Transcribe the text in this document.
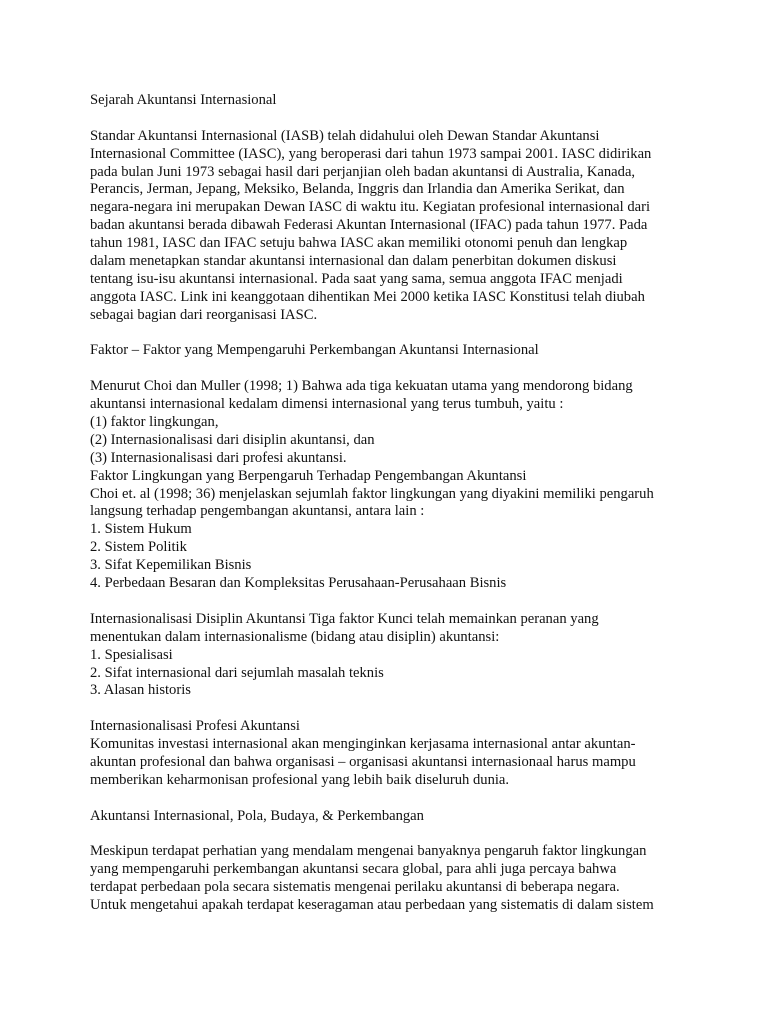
Sejarah Akuntansi Internasional
Standar Akuntansi Internasional (IASB) telah didahului oleh Dewan Standar Akuntansi
Internasional Committee (IASC), yang beroperasi dari tahun 1973 sampai 2001. IASC didirikan
pada bulan Juni 1973 sebagai hasil dari perjanjian oleh badan akuntansi di Australia, Kanada,
Perancis, Jerman, Jepang, Meksiko, Belanda, Inggris dan Irlandia dan Amerika Serikat, dan
negara-negara ini merupakan Dewan IASC di waktu itu. Kegiatan profesional internasional dari
badan akuntansi berada dibawah Federasi Akuntan Internasional (IFAC) pada tahun 1977. Pada
tahun 1981, IASC dan IFAC setuju bahwa IASC akan memiliki otonomi penuh dan lengkap
dalam menetapkan standar akuntansi internasional dan dalam penerbitan dokumen diskusi
tentang isu-isu akuntansi internasional. Pada saat yang sama, semua anggota IFAC menjadi
anggota IASC. Link ini keanggotaan dihentikan Mei 2000 ketika IASC Konstitusi telah diubah
sebagai bagian dari reorganisasi IASC.
Faktor – Faktor yang Mempengaruhi Perkembangan Akuntansi Internasional
Menurut Choi dan Muller (1998; 1) Bahwa ada tiga kekuatan utama yang mendorong bidang
akuntansi internasional kedalam dimensi internasional yang terus tumbuh, yaitu :
(1) faktor lingkungan,
(2) Internasionalisasi dari disiplin akuntansi, dan
(3) Internasionalisasi dari profesi akuntansi.
Faktor Lingkungan yang Berpengaruh Terhadap Pengembangan Akuntansi
Choi et. al (1998; 36) menjelaskan sejumlah faktor lingkungan yang diyakini memiliki pengaruh
langsung terhadap pengembangan akuntansi, antara lain :
1. Sistem Hukum
2. Sistem Politik
3. Sifat Kepemilikan Bisnis
4. Perbedaan Besaran dan Kompleksitas Perusahaan-Perusahaan Bisnis
Internasionalisasi Disiplin Akuntansi Tiga faktor Kunci telah memainkan peranan yang
menentukan dalam internasionalisme (bidang atau disiplin) akuntansi:
1. Spesialisasi
2. Sifat internasional dari sejumlah masalah teknis
3. Alasan historis
Internasionalisasi Profesi Akuntansi
Komunitas investasi internasional akan menginginkan kerjasama internasional antar akuntan-
akuntan profesional dan bahwa organisasi – organisasi akuntansi internasionaal harus mampu
memberikan keharmonisan profesional yang lebih baik diseluruh dunia.
Akuntansi Internasional, Pola, Budaya, & Perkembangan
Meskipun terdapat perhatian yang mendalam mengenai banyaknya pengaruh faktor lingkungan
yang mempengaruhi perkembangan akuntansi secara global, para ahli juga percaya bahwa
terdapat perbedaan pola secara sistematis mengenai perilaku akuntansi di beberapa negara.
Untuk mengetahui apakah terdapat keseragaman atau perbedaan yang sistematis di dalam sistem
